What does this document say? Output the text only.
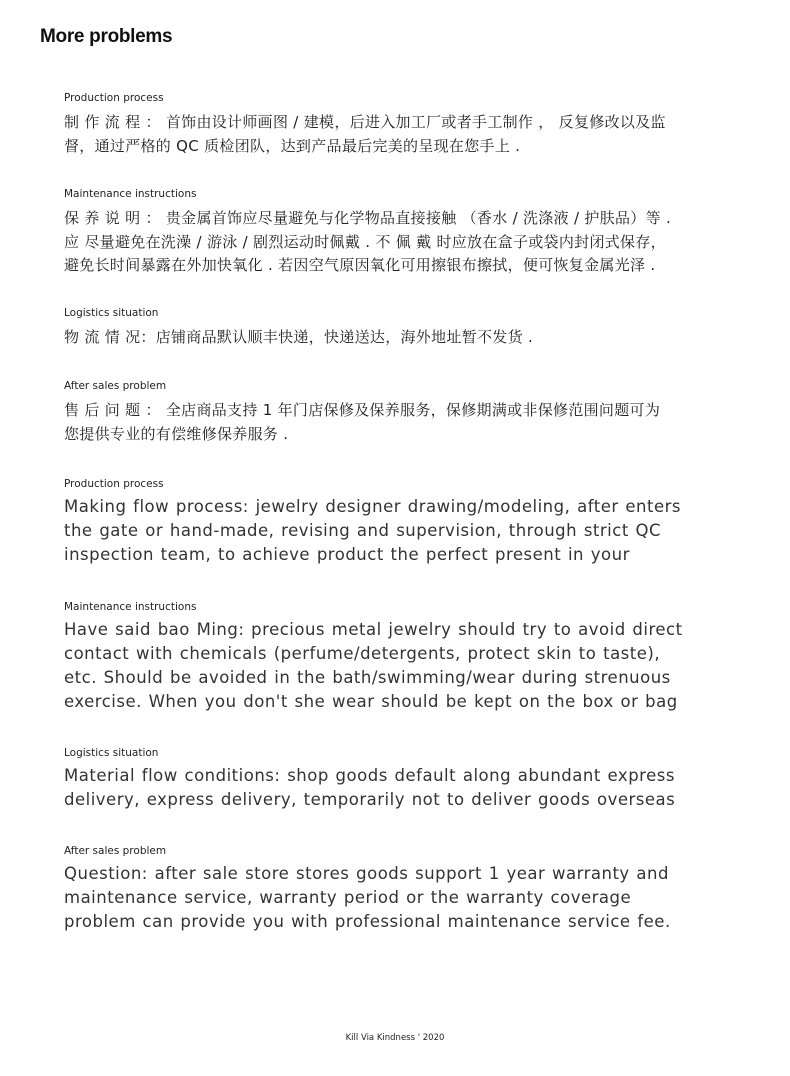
More problems
Production process
制 作 流 程 ： 首饰由设计师画图 / 建模，后进入加工厂或者手工制作 ， 反复修改以及监
督，通过严格的 QC 质检团队，达到产品最后完美的呈现在您手上 .
Maintenance instructions
保 养 说 明 ： 贵金属首饰应尽量避免与化学物品直接接触 （香水 / 洗涤液 / 护肤品）等 .
应 尽量避免在洗澡 / 游泳 / 剧烈运动时佩戴 . 不 佩 戴 时应放在盒子或袋内封闭式保存，
避免长时间暴露在外加快氧化 . 若因空气原因氧化可用擦银布擦拭，便可恢复金属光泽 .
Logistics situation
物 流 情 况：店铺商品默认顺丰快递，快递送达，海外地址暂不发货 .
After sales problem
售 后 问 题 ： 全店商品支持 1 年门店保修及保养服务，保修期满或非保修范围问题可为
您提供专业的有偿维修保养服务 .
Production process
Making flow process: jewelry designer drawing/modeling, after enters
the gate or hand-made, revising and supervision, through strict QC
inspection team, to achieve product the perfect present in your
Maintenance instructions
Have said bao Ming: precious metal jewelry should try to avoid direct
contact with chemicals (perfume/detergents, protect skin to taste),
etc. Should be avoided in the bath/swimming/wear during strenuous
exercise. When you don't she wear should be kept on the box or bag
Logistics situation
Material flow conditions: shop goods default along abundant express
delivery, express delivery, temporarily not to deliver goods overseas
After sales problem
Question: after sale store stores goods support 1 year warranty and
maintenance service, warranty period or the warranty coverage
problem can provide you with professional maintenance service fee.
Kill Via Kindness ' 2020
